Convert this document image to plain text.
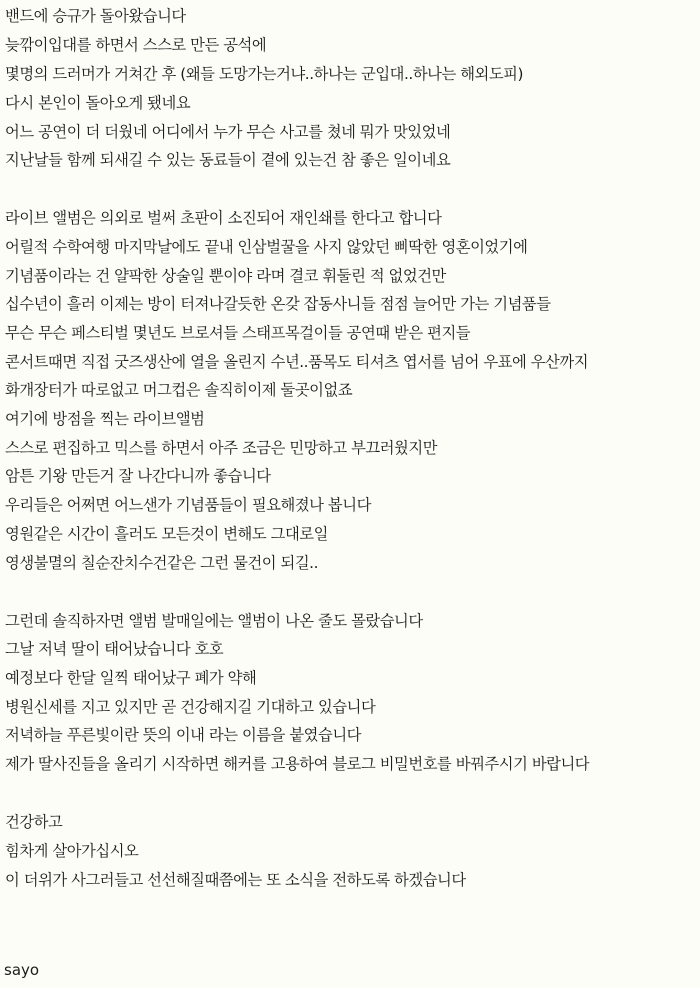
밴드에 승규가 돌아왔습니다
늦깎이입대를 하면서 스스로 만든 공석에
몇명의 드러머가 거쳐간 후 (왜들 도망가는거냐..하나는 군입대..하나는 해외도피)
다시 본인이 돌아오게 됐네요
어느 공연이 더 더웠네 어디에서 누가 무슨 사고를 쳤네 뭐가 맛있었네
지난날들 함께 되새길 수 있는 동료들이 곁에 있는건 참 좋은 일이네요
라이브 앨범은 의외로 벌써 초판이 소진되어 재인쇄를 한다고 합니다
어릴적 수학여행 마지막날에도 끝내 인삼벌꿀을 사지 않았던 삐딱한 영혼이었기에
기념품이라는 건 얄팍한 상술일 뿐이야 라며 결코 휘둘린 적 없었건만
십수년이 흘러 이제는 방이 터져나갈듯한 온갖 잡동사니들 점점 늘어만 가는 기념품들
무슨 무슨 페스티벌 몇년도 브로셔들 스태프목걸이들 공연때 받은 편지들
콘서트때면 직접 굿즈생산에 열을 올린지 수년..품목도 티셔츠 엽서를 넘어 우표에 우산까지
화개장터가 따로없고 머그컵은 솔직히이제 둘곳이없죠
여기에 방점을 찍는 라이브앨범
스스로 편집하고 믹스를 하면서 아주 조금은 민망하고 부끄러웠지만
암튼 기왕 만든거 잘 나간다니까 좋습니다
우리들은 어쩌면 어느샌가 기념품들이 필요해졌나 봅니다
영원같은 시간이 흘러도 모든것이 변해도 그대로일
영생불멸의 칠순잔치수건같은 그런 물건이 되길..
그런데 솔직하자면 앨범 발매일에는 앨범이 나온 줄도 몰랐습니다
그날 저녁 딸이 태어났습니다 호호
예정보다 한달 일찍 태어났구 폐가 약해
병원신세를 지고 있지만 곧 건강해지길 기대하고 있습니다
저녁하늘 푸른빛이란 뜻의 이내 라는 이름을 붙였습니다
제가 딸사진들을 올리기 시작하면 해커를 고용하여 블로그 비밀번호를 바꿔주시기 바랍니다
건강하고
힘차게 살아가십시오
이 더위가 사그러들고 선선해질때쯤에는 또 소식을 전하도록 하겠습니다
sayo
